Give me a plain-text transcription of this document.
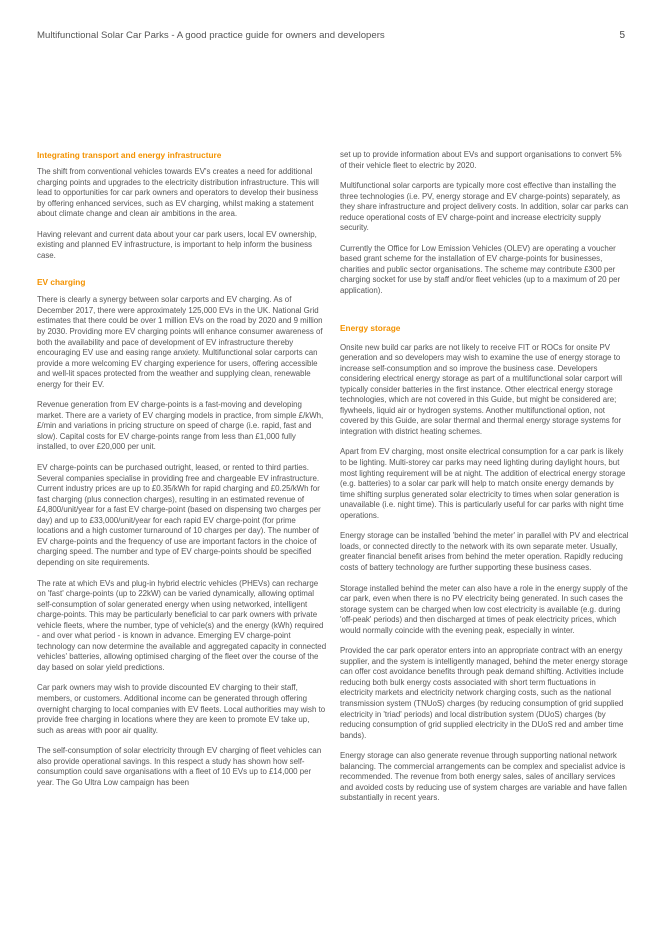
Multifunctional Solar Car Parks - A good practice guide for owners and developers	5
Integrating transport and energy infrastructure

The shift from conventional vehicles towards EV's creates a need for additional charging points and upgrades to the electricity distribution infrastructure. This will lead to opportunities for car park owners and operators to develop their business by offering enhanced services, such as EV charging, whilst making a statement about climate change and clean air ambitions in the area.

Having relevant and current data about your car park users, local EV ownership, existing and planned EV infrastructure, is important to help inform the business case.

EV charging

There is clearly a synergy between solar carports and EV charging. As of December 2017, there were approximately 125,000 EVs in the UK. National Grid estimates that there could be over 1 million EVs on the road by 2020 and 9 million by 2030. Providing more EV charging points will enhance consumer awareness of both the availability and pace of development of EV infrastructure thereby encouraging EV use and easing range anxiety. Multifunctional solar carports can provide a more welcoming EV charging experience for users, offering accessible and well-lit spaces protected from the weather and supplying clean, renewable energy for their EV.

Revenue generation from EV charge-points is a fast-moving and developing market. There are a variety of EV charging models in practice, from simple £/kWh, £/min and variations in pricing structure on speed of charge (i.e. rapid, fast and slow). Capital costs for EV charge-points range from less than £1,000 fully installed, to over £20,000 per unit.

EV charge-points can be purchased outright, leased, or rented to third parties. Several companies specialise in providing free and chargeable EV infrastructure. Current industry prices are up to £0.35/kWh for rapid charging and £0.25/kWh for fast charging (plus connection charges), resulting in an estimated revenue of £4,800/unit/year for a fast EV charge-point (based on dispensing two charges per day) and up to £33,000/unit/year for each rapid EV charge-point (for prime locations and a high customer turnaround of 10 charges per day). The number of EV charge-points and the frequency of use are important factors in the choice of charging speed. The number and type of EV charge-points should be specified depending on site requirements.

The rate at which EVs and plug-in hybrid electric vehicles (PHEVs) can recharge on 'fast' charge-points (up to 22kW) can be varied dynamically, allowing optimal self-consumption of solar generated energy when using networked, intelligent charge-points. This may be particularly beneficial to car park owners with private vehicle fleets, where the number, type of vehicle(s) and the energy (kWh) required - and over what period - is known in advance. Emerging EV charge-point technology can now determine the available and aggregated capacity in connected vehicles' batteries, allowing optimised charging of the fleet over the course of the day based on solar yield predictions.

Car park owners may wish to provide discounted EV charging to their staff, members, or customers. Additional income can be generated through offering overnight charging to local companies with EV fleets. Local authorities may wish to provide free charging in locations where they are keen to promote EV take up, such as areas with poor air quality.

The self-consumption of solar electricity through EV charging of fleet vehicles can also provide operational savings. In this respect a study has shown how self-consumption could save organisations with a fleet of 10 EVs up to £14,000 per year. The Go Ultra Low campaign has been

set up to provide information about EVs and support organisations to convert 5% of their vehicle fleet to electric by 2020.

Multifunctional solar carports are typically more cost effective than installing the three technologies (i.e. PV, energy storage and EV charge-points) separately, as they share infrastructure and project delivery costs. In addition, solar car parks can reduce operational costs of EV charge-point and increase electricity supply security.

Currently the Office for Low Emission Vehicles (OLEV) are operating a voucher based grant scheme for the installation of EV charge-points for businesses, charities and public sector organisations. The scheme may contribute £300 per charging socket for use by staff and/or fleet vehicles (up to a maximum of 20 per application).

Energy storage

Onsite new build car parks are not likely to receive FIT or ROCs for onsite PV generation and so developers may wish to examine the use of energy storage to increase self-consumption and so improve the business case. Developers considering electrical energy storage as part of a multifunctional solar carport will typically consider batteries in the first instance. Other electrical energy storage technologies, which are not covered in this Guide, but might be considered are; flywheels, liquid air or hydrogen systems. Another multifunctional option, not covered by this Guide, are solar thermal and thermal energy storage systems for integration with district heating schemes.

Apart from EV charging, most onsite electrical consumption for a car park is likely to be lighting. Multi-storey car parks may need lighting during daylight hours, but most lighting requirement will be at night. The addition of electrical energy storage (e.g. batteries) to a solar car park will help to match onsite energy demands by time shifting surplus generated solar electricity to times when solar generation is unavailable (i.e. night time). This is particularly useful for car parks with night time operations.

Energy storage can be installed 'behind the meter' in parallel with PV and electrical loads, or connected directly to the network with its own separate meter. Usually, greater financial benefit arises from behind the meter operation. Rapidly reducing costs of battery technology are further supporting these business cases.

Storage installed behind the meter can also have a role in the energy supply of the car park, even when there is no PV electricity being generated. In such cases the storage system can be charged when low cost electricity is available (e.g. during 'off-peak' periods) and then discharged at times of peak electricity prices, which would normally coincide with the evening peak, especially in winter.

Provided the car park operator enters into an appropriate contract with an energy supplier, and the system is intelligently managed, behind the meter energy storage can offer cost avoidance benefits through peak demand shifting. Activities include reducing both bulk energy costs associated with short term fluctuations in electricity markets and electricity network charging costs, such as the national transmission system (TNUoS) charges (by reducing consumption of grid supplied electricity in 'triad' periods) and local distribution system (DUoS) charges (by reducing consumption of grid supplied electricity in the DUoS red and amber time bands).

Energy storage can also generate revenue through supporting national network balancing. The commercial arrangements can be complex and specialist advice is recommended. The revenue from both energy sales, sales of ancillary services and avoided costs by reducing use of system charges are variable and have fallen substantially in recent years.
